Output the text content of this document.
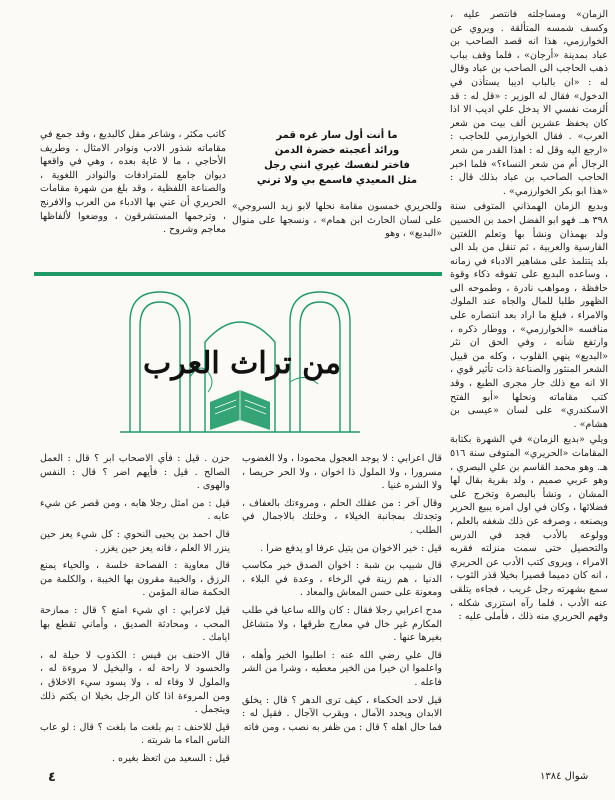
الزمان» ومساجلته فانتصر عليه ، وكسف شمسه المتألقة . ويروي عن الخوارزمي، هذا انه قصد الصاحب بن عباد بمدينة «أرجان» ، فلما وقف بباب ذهب الحاجب الى الصاحب بن عباد وقال له : «ان بالباب اديبا يستأذن في الدخول» فقال له الوزير : «قل له : قد ألزمت نفسي الا يدخل علي اديب الا اذا كان يحفظ عشرين ألف بيت من شعر العرب» . فقال الخوارزمي للحاجب : «ارجع اليه وقل له : اهذا القدر من شعر الرجال أم من شعر النساء؟» فلما اخبر الحاجب الصاحب بن عباد بذلك قال : «هذا ابو بكر الخوارزمي» .

وبديع الزمان الهمذاني المتوفى سنة ٣٩٨ هـ. فهو ابو الفضل احمد بن الحسين ولد بهمذان ونشأ بها وتعلم اللغتين الفارسية والعربية ، ثم تنقل من بلد الى بلد يتتلمذ على مشاهير الادباء في زمانه ، وساعده البديع على تفوقه ذكاء وقوة حافظة ، ومواهب نادرة ، وطموحه الى الظهور طلبا للمال والجاه عند الملوك والامراء ، فبلغ ما اراد بعد انتصاره على منافسه «الخوارزمي» ، ووطار ذكره ، وارتفع شأنه ، وفي الحق ان نثر «البديع» ينهي القلوب ، وكله من قبيل الشعر المنثور والصناعة ذات تأثير قوي ، الا انه مع ذلك جار مجرى الطبع ، وقد كتب مقاماته ونحلها «أبو الفتح الاسكندري» على لسان «عيسى بن هشام» .

ويلي «بديع الزمان» في الشهرة بكتابة المقامات «الحريري» المتوفى سنة ٥١٦ هـ. وهو محمد القاسم بن علي البصري ، وهو عربي صميم ، ولد بقرية بقال لها المشان ، ونشأ بالبصرة وتخرج على فضلائها ، وكان في اول امره يبيع الحرير ويصنعه ، وصرفه عن ذلك شغفه بالعلم ، وولوعه بالأدب فجد في الدرس والتحصيل حتى سمت منزلته فقربه الامراء ، ويروى كتب الأدب عن الحريري ، انه كان دميما قصيرا بخيلا قذر الثوب ، سمع بشهرته رجل غريب ، فجاءه يتلقى عنه الأدب ، فلما رآه استزرى شكله ، وفهم الحريري منه ذلك ، فأملى عليه :

ما أنت أول سار غره قمر
ورائد أعجبته خضرة الدمن
فاختر لنفسك غيري انني رجل
مثل المعيدي فاسمع بي ولا ترني

وللحريري خمسون مقامة نحلها لابو زيد السروجي» على لسان الحارث ابن همام» ، ونسجها على منوال «البديع» ، وهو

كاتب مكثر ، وشاعر مقل كالبديع ، وقد جمع في مقاماته شذور الادب ونوادر الامثال ، وطريف الأحاجي ، ما لا غاية بعده ، وهي في واقعها ديوان جامع للمترادفات والنوادر اللغوية ، والصناعة اللفظية ، وقد بلغ من شهرة مقامات الحريري أن عني بها الادباء من العرب والافرنج ، وترجمها المستشرقون ، ووضعوا لألفاظها معاجم وشروح .

من تراث العرب

قال اعرابي : لا يوجد العجول محمودا ، ولا الغضوب مسرورا ، ولا الملول ذا اخوان ، ولا الحر حريصا ، ولا الشره غنيا .

وقال آخر : من عقلك الحلم ، ومروءتك بالعفاف ، وتجدتك بمجانبة الخيلاء ، وخلتك بالاجمال في الطلب .

قيل : خير الاخوان من يتيل عرفا او يدفع ضرا .

قال شبيب بن شبة : اخوان الصدق خير مكاسب الدنيا ، هم زينة في الرخاء ، وعدة في البلاء ، ومعونة على حسن المعاش والمعاد .

مدح اعرابي رجلا فقال : كان والله ساعيا في طلب المكارم غير خال في معارج طرقها ، ولا متشاغل بغيرها عنها .

قال علي رضي الله عنه : اطلبوا الخير وأهله ، واعلموا ان خيرا من الخير معطيه ، وشرا من الشر فاعله .

قيل لاحد الحكماء ، كيف ترى الدهر ؟ قال : يخلق الابدان ويجدد الآمال ، ويقرب الآجال . فقيل له : فما حال اهله ؟ قال : من ظفر به نصب ، ومن فاته

حزن . قيل : فأي الاصحاب ابر ؟ قال : العمل الصالح . قيل : فأيهم اضر ؟ قال : النفس والهوى .

قيل : من امثل رجلا هابه ، ومن قصر عن شيء عابه .

قال احمد بن يحيى النحوي : كل شيء يعز حين ينزر الا العلم ، فانه يعز حين يغزر .

قال معاوية : الفصاحة خلسة ، والحياء يمنع الرزق ، والخيبة مقرون بها الخيبة ، والكلمة من الحكمة ضالة المؤمن .

قيل لاعرابي : اي شيء امتع ؟ قال : ممازحة المحب ، ومحادثة الصديق ، وأماني تقطع بها ايامك .

قال الاحنف بن قيس : الكذوب لا حيلة له ، والحسود لا راحة له ، والبخيل لا مروءة له ، والملول لا وفاء له ، ولا يسود سيء الاخلاق ، ومن المروءة اذا كان الرجل بخيلا ان يكتم ذلك ويتجمل .

قيل للاحنف : بم بلغت ما بلغت ؟ قال : لو عاب الناس الماء ما شربته .

قيل : السعيد من اتعظ بغيره .

٤	شوال ١٣٨٤
